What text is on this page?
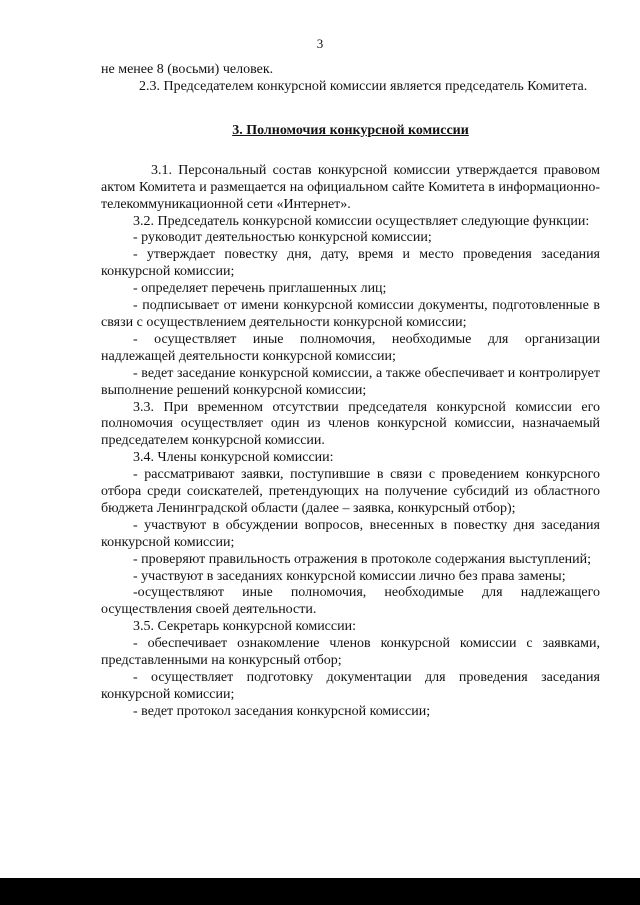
3

не менее 8 (восьми) человек.

2.3. Председателем конкурсной комиссии является председатель Комитета.

3. Полномочия конкурсной комиссии

3.1. Персональный состав конкурсной комиссии утверждается правовом актом Комитета и размещается на официальном сайте Комитета в информационно-телекоммуникационной сети «Интернет».

3.2. Председатель конкурсной комиссии осуществляет следующие функции:

- руководит деятельностью конкурсной комиссии;

- утверждает повестку дня, дату, время и место проведения заседания конкурсной комиссии;

- определяет перечень приглашенных лиц;

- подписывает от имени конкурсной комиссии документы, подготовленные в связи с осуществлением деятельности конкурсной комиссии;

- осуществляет иные полномочия, необходимые для организации надлежащей деятельности конкурсной комиссии;

- ведет заседание конкурсной комиссии, а также обеспечивает и контролирует выполнение решений конкурсной комиссии;

3.3. При временном отсутствии председателя конкурсной комиссии его полномочия осуществляет один из членов конкурсной комиссии, назначаемый председателем конкурсной комиссии.

3.4. Члены конкурсной комиссии:

- рассматривают заявки, поступившие в связи с проведением конкурсного отбора среди соискателей, претендующих на получение субсидий из областного бюджета Ленинградской области (далее – заявка, конкурсный отбор);

- участвуют в обсуждении вопросов, внесенных в повестку дня заседания конкурсной комиссии;

- проверяют правильность отражения в протоколе содержания выступлений;

- участвуют в заседаниях конкурсной комиссии лично без права замены;

-осуществляют иные полномочия, необходимые для надлежащего осуществления своей деятельности.

3.5. Секретарь конкурсной комиссии:

- обеспечивает ознакомление членов конкурсной комиссии с заявками, представленными на конкурсный отбор;

- осуществляет подготовку документации для проведения заседания конкурсной комиссии;

- ведет протокол заседания конкурсной комиссии;
